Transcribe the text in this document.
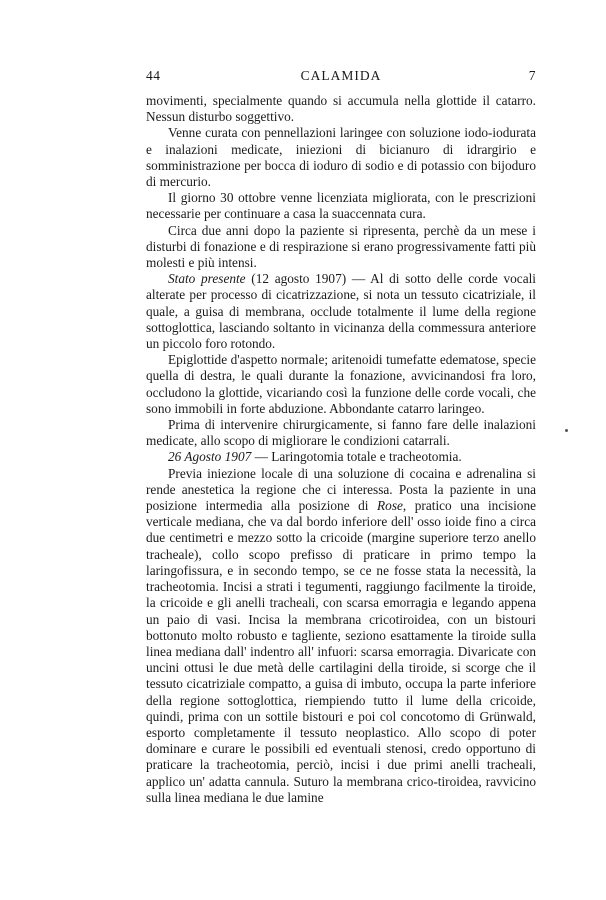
44	CALAMIDA	7

movimenti, specialmente quando si accumula nella glottide il catarro. Nessun disturbo soggettivo.

Venne curata con pennellazioni laringee con soluzione iodo-iodurata e inalazioni medicate, iniezioni di bicianuro di idrargirio e somministrazione per bocca di ioduro di sodio e di potassio con bijoduro di mercurio.

Il giorno 30 ottobre venne licenziata migliorata, con le prescrizioni necessarie per continuare a casa la suaccennata cura.

Circa due anni dopo la paziente si ripresenta, perchè da un mese i disturbi di fonazione e di respirazione si erano progressivamente fatti più molesti e più intensi.

Stato presente (12 agosto 1907) — Al di sotto delle corde vocali alterate per processo di cicatrizzazione, si nota un tessuto cicatriziale, il quale, a guisa di membrana, occlude totalmente il lume della regione sottoglottica, lasciando soltanto in vicinanza della commessura anteriore un piccolo foro rotondo.

Epiglottide d'aspetto normale; aritenoidi tumefatte edematose, specie quella di destra, le quali durante la fonazione, avvicinandosi fra loro, occludono la glottide, vicariando così la funzione delle corde vocali, che sono immobili in forte abduzione. Abbondante catarro laringeo.

Prima di intervenire chirurgicamente, si fanno fare delle inalazioni medicate, allo scopo di migliorare le condizioni catarrali.

26 Agosto 1907 — Laringotomia totale e tracheotomia.

Previa iniezione locale di una soluzione di cocaina e adrenalina si rende anestetica la regione che ci interessa. Posta la paziente in una posizione intermedia alla posizione di Rose, pratico una incisione verticale mediana, che va dal bordo inferiore dell' osso ioide fino a circa due centimetri e mezzo sotto la cricoide (margine superiore terzo anello tracheale), collo scopo prefisso di praticare in primo tempo la laringofissura, e in secondo tempo, se ce ne fosse stata la necessità, la tracheotomia. Incisi a strati i tegumenti, raggiungo facilmente la tiroide, la cricoide e gli anelli tracheali, con scarsa emorragia e legando appena un paio di vasi. Incisa la membrana cricotiroidea, con un bistouri bottonuto molto robusto e tagliente, seziono esattamente la tiroide sulla linea mediana dall' indentro all' infuori: scarsa emorragia. Divaricate con uncini ottusi le due metà delle cartilagini della tiroide, si scorge che il tessuto cicatriziale compatto, a guisa di imbuto, occupa la parte inferiore della regione sottoglottica, riempiendo tutto il lume della cricoide, quindi, prima con un sottile bistouri e poi col concotomo di Grünwald, esporto completamente il tessuto neoplastico. Allo scopo di poter dominare e curare le possibili ed eventuali stenosi, credo opportuno di praticare la tracheotomia, perciò, incisi i due primi anelli tracheali, applico un' adatta cannula. Suturo la membrana crico-tiroidea, ravvicino sulla linea mediana le due lamine
